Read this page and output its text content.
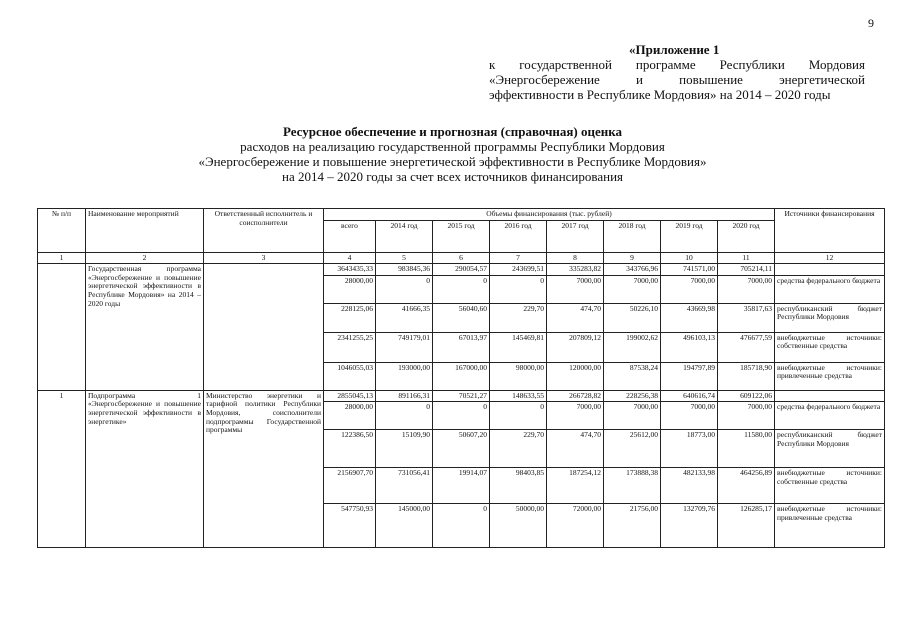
9
«Приложение 1
к государственной программе Республики Мордовия
«Энергосбережение и повышение энергетической
эффективности в Республике Мордовия» на 2014 – 2020 годы
Ресурсное обеспечение и прогнозная (справочная) оценка
расходов на реализацию государственной программы Республики Мордовия
«Энергосбережение и повышение энергетической эффективности в Республике Мордовия»
на 2014 – 2020 годы за счет всех источников финансирования
№ п/п	Наименование мероприятий	Ответственный исполнитель и соисполнители	Объемы финансирования (тыс. рублей)								Источники финансирования
			всего	2014 год	2015 год	2016 год	2017 год	2018 год	2019 год	2020 год	
1	2	3	4	5	6	7	8	9	10	11	12
	Государственная программа «Энергосбережение и повышение энергетической эффективности в Республике Мордовия» на 2014 – 2020 годы		3643435,33	983845,36	290054,57	243699,51	335283,82	343766,96	741571,00	705214,11	
			28000,00	0	0	0	7000,00	7000,00	7000,00	7000,00	средства федерального бюджета
			228125,06	41666,35	56040,60	229,70	474,70	50226,10	43669,98	35817,63	республиканский бюджет Республики Мордовия
			2341255,25	749179,01	67013,97	145469,81	207809,12	199002,62	496103,13	476677,59	внебюджетные источники: собственные средства
			1046055,03	193000,00	167000,00	98000,00	120000,00	87538,24	194797,89	185718,90	внебюджетные источники: привлеченные средства
1	Подпрограмма 1 «Энергосбережение и повышение энергетической эффективности в энергетике»	Министерство энергетики и тарифной политики Республики Мордовия, соисполнители подпрограммы Государственной программы	2855045,13	891166,31	70521,27	148633,55	266728,82	228256,38	640616,74	609122,06	
			28000,00	0	0	0	7000,00	7000,00	7000,00	7000,00	средства федерального бюджета
			122386,50	15109,90	50607,20	229,70	474,70	25612,00	18773,00	11580,00	республиканский бюджет Республики Мордовия
			2156907,70	731056,41	19914,07	98403,85	187254,12	173888,38	482133,98	464256,89	внебюджетные источники: собственные средства
			547750,93	145000,00	0	50000,00	72000,00	21756,00	132709,76	126285,17	внебюджетные источники: привлеченные средства
